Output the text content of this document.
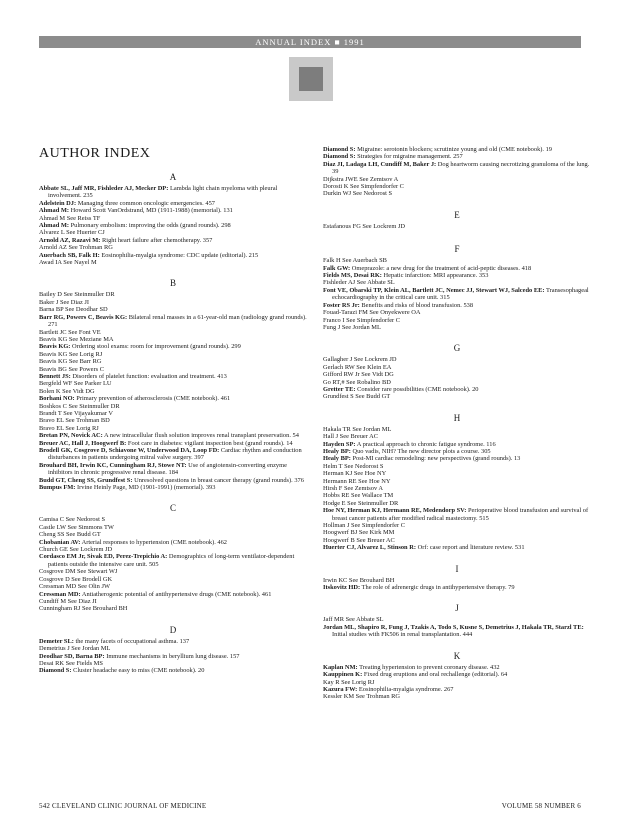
ANNUAL INDEX ■ 1991
AUTHOR INDEX
A
Abbate SL, Jaff MR, Fishleder AJ, Mecker DP: Lambda light chain myeloma with pleural involvement. 235
Adelstein DJ: Managing three common oncologic emergencies. 457
Ahmad M: Howard Scott VanOrdstrand, MD (1911-1988) (memorial). 131
Ahmad M See Reiss TF
Ahmad M: Pulmonary embolism: improving the odds (grand rounds). 298
Alvarez L See Huerter CJ
Arnold AZ, Razavi M: Right heart failure after chemotherapy. 357
Arnold AZ See Trohman RG
Auerbach SB, Falk H: Eosinophilia-myalgia syndrome: CDC update (editorial). 215
Awad IA See Nayel M
B
Bailey D See Steinmuller DR
Baker J See Diaz JI
Barna BP See Deodhar SD
Barr RG, Powers C, Beavis KG: Bilateral renal masses in a 61-year-old man (radiology grand rounds). 271
Bartlett JC See Font VE
Beavis KG See Meziane MA
Beavis KG: Ordering stool exams: room for improvement (grand rounds). 299
Beavis KG See Lorig RJ
Beavis KG See Barr RG
Beavis BG See Powers C
Bennett JS: Disorders of platelet function: evaluation and treatment. 413
Bergfeld WF See Parker LU
Bolen K See Vidt DG
Borhani NO: Primary prevention of atherosclerosis (CME notebook). 461
Boshkos C See Steinmuller DR
Brandt T See Vijayakumar V
Bravo EL See Trohman BD
Bravo EL See Lorig RJ
Bretan PN, Novick AC: A new intracellular flush solution improves renal transplant preservation. 54
Breuer AC, Hall J, Hoogwerf B: Foot care in diabetes: vigilant inspection best (grand rounds). 14
Brodell GK, Cosgrove D, Schiavone W, Underwood DA, Loop FD: Cardiac rhythm and conduction disturbances in patients undergoing mitral valve surgery. 397
Brouhard BH, Irwin KC, Cunningham RJ, Stowe NT: Use of angiotensin-converting enzyme inhibitors in chronic progressive renal disease. 184
Budd GT, Cheng SS, Grundfest S: Unresolved questions in breast cancer therapy (grand rounds). 376
Bumpus FM: Irvine Heinly Page, MD (1901-1991) (memorial). 393
C
Camisa C See Nedorost S
Castle LW See Simmons TW
Cheng SS See Budd GT
Chobanian AV: Arterial responses to hypertension (CME notebook). 462
Church GE See Lockrem JD
Cordasco EM Jr, Sivak ED, Perez-Trepichio A: Demographics of long-term ventilator-dependent patients outside the intensive care unit. 505
Cosgrove DM See Stewart WJ
Cosgrove D See Brodell GK
Cressman MD See Olin JW
Cressman MD: Antiatherogenic potential of antihypertensive drugs (CME notebook). 461
Cundiff M See Diaz JI
Cunningham RJ See Brouhard BH
D
Demeter SL: the many facets of occupational asthma. 137
Demetrius J See Jordan ML
Deodhar SD, Barna BP: Immune mechanisms in beryllium lung disease. 157
Desai RK See Fields MS
Diamond S: Cluster headache easy to miss (CME notebook). 20
Diamond S: Migraine: serotonin blockers; scrutinize young and old (CME notebook). 19
Diamond S: Strategies for migraine management. 257
Diaz JI, Ladaga LH, Cundiff M, Baker J: Dog heartworm causing necrotizing granuloma of the lung. 39
Dijkstra JWE See Zemtsov A
Dorosti K See Simpfendorfer C
Durkin WJ See Nedorost S
E
Estafanous FG See Lockrem JD
F
Falk H See Auerbach SB
Falk GW: Omeprazole: a new drug for the treatment of acid-peptic diseases. 418
Fields MS, Desai RK: Hepatic infarction: MRI appearance. 353
Fishleder AJ See Abbate SL
Font VE, Obarski TP, Klein AL, Bartlett JC, Nemec JJ, Stewart WJ, Salcedo EE: Transesophageal echocardiography in the critical care unit. 315
Foster RS Jr: Benefits and risks of blood transfusion. 538
Fouad-Tarazi FM See Onyekwere OA
Franco I See Simpfendorfer C
Fung J See Jordan ML
G
Gallagher J See Lockrem JD
Gerlach RW See Klein EA
Gifford RW Jr See Vidt DG
Go RT,# See Robalino BD
Gretter TE: Consider rare possibilities (CME notebook). 20
Grundfest S See Budd GT
H
Hakala TR See Jordan ML
Hall J See Breuer AC
Hayden SP: A practical approach to chronic fatigue syndrome. 116
Healy BP: Quo vadis, NIH? The new director plots a course. 305
Healy BP: Post-MI cardiac remodeling: new perspectives (grand rounds). 13
Helm T See Nedorost S
Herman KJ See Hoe NY
Hermann RE See Hoe NY
Hirsh F See Zemtsov A
Hobbs RE See Wallace TM
Hodge E See Steinmuller DR
Hoe NY, Herman KJ, Hermann RE, Medendorp SV: Perioperative blood transfusion and survival of breast cancer patients after modified radical mastectomy. 515
Hollman J See Simpfendorfer C
Hoogwerf BJ See Kirk MM
Hoogwerf B See Breuer AC
Huerter CJ, Alvarez L, Stinson R: Orf: case report and literature review. 531
I
Irwin KC See Brouhard BH
Itskovitz HD: The role of adrenergic drugs in antihypertensive therapy. 79
J
Jaff MR See Abbate SL
Jordan ML, Shapiro R, Fung J, Tzakis A, Todo S, Kusne S, Demetrius J, Hakala TR, Starzl TE: Initial studies with FK506 in renal transplantation. 444
K
Kaplan NM: Treating hypertension to prevent coronary disease. 432
Kauppinen K: Fixed drug eruptions and oral rechallenge (editorial). 64
Kay R See Lorig RJ
Kazura FW: Eosinophilia-myalgia syndrome. 267
Kessler KM See Trohman RG
542 CLEVELAND CLINIC JOURNAL OF MEDICINE	VOLUME 58 NUMBER 6
